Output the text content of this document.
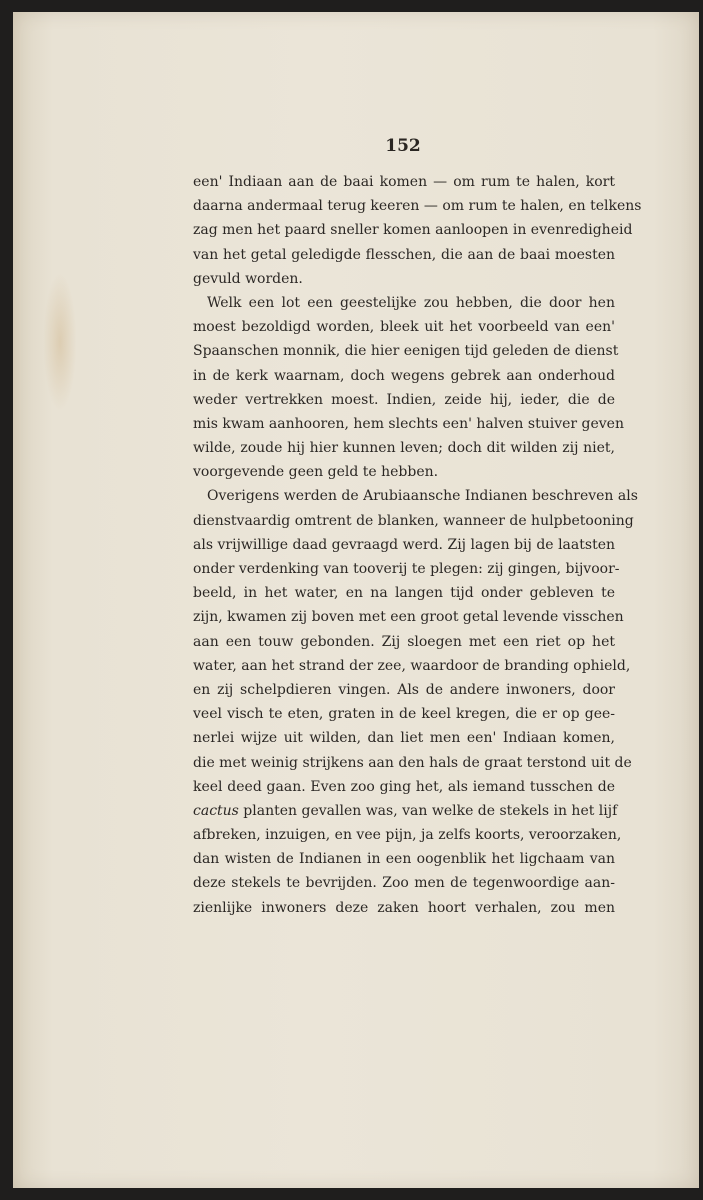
152
een' Indiaan aan de baai komen — om rum te halen, kort
daarna andermaal terug keeren — om rum te halen, en telkens
zag men het paard sneller komen aanloopen in evenredigheid
van het getal geledigde flesschen, die aan de baai moesten
gevuld worden.
Welk een lot een geestelijke zou hebben, die door hen
moest bezoldigd worden, bleek uit het voorbeeld van een'
Spaanschen monnik, die hier eenigen tijd geleden de dienst
in de kerk waarnam, doch wegens gebrek aan onderhoud
weder vertrekken moest. Indien, zeide hij, ieder, die de
mis kwam aanhooren, hem slechts een' halven stuiver geven
wilde, zoude hij hier kunnen leven; doch dit wilden zij niet,
voorgevende geen geld te hebben.
Overigens werden de Arubiaansche Indianen beschreven als
dienstvaardig omtrent de blanken, wanneer de hulpbetooning
als vrijwillige daad gevraagd werd. Zij lagen bij de laatsten
onder verdenking van tooverij te plegen: zij gingen, bijvoor-
beeld, in het water, en na langen tijd onder gebleven te
zijn, kwamen zij boven met een groot getal levende visschen
aan een touw gebonden. Zij sloegen met een riet op het
water, aan het strand der zee, waardoor de branding ophield,
en zij schelpdieren vingen. Als de andere inwoners, door
veel visch te eten, graten in de keel kregen, die er op gee-
nerlei wijze uit wilden, dan liet men een' Indiaan komen,
die met weinig strijkens aan den hals de graat terstond uit de
keel deed gaan. Even zoo ging het, als iemand tusschen de
cactus planten gevallen was, van welke de stekels in het lijf
afbreken, inzuigen, en vee pijn, ja zelfs koorts, veroorzaken,
dan wisten de Indianen in een oogenblik het ligchaam van
deze stekels te bevrijden. Zoo men de tegenwoordige aan-
zienlijke inwoners deze zaken hoort verhalen, zou men
